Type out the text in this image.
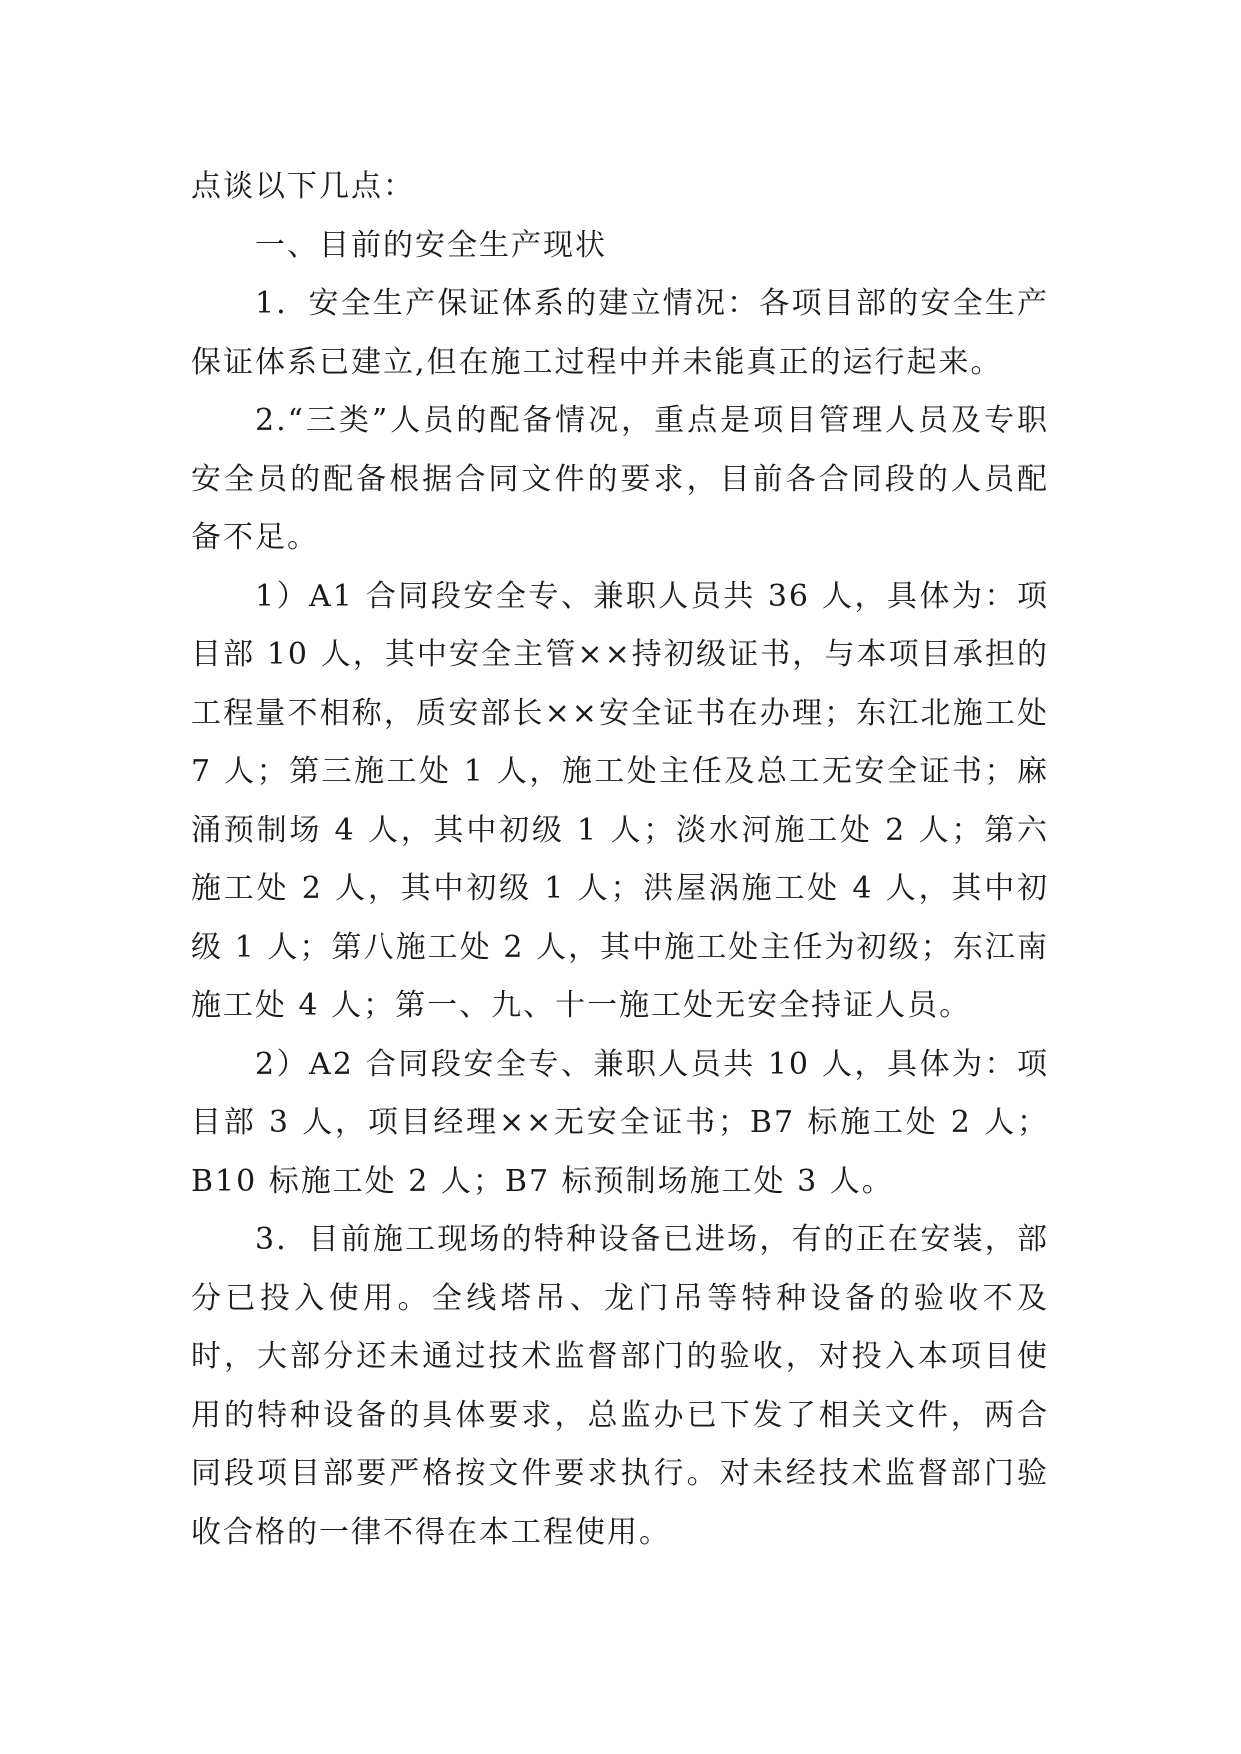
点谈以下几点：

一、目前的安全生产现状

1．安全生产保证体系的建立情况：各项目部的安全生产保证体系已建立,但在施工过程中并未能真正的运行起来。

2.“三类”人员的配备情况，重点是项目管理人员及专职安全员的配备根据合同文件的要求，目前各合同段的人员配备不足。

1）A1 合同段安全专、兼职人员共 36 人，具体为：项目部 10 人，其中安全主管××持初级证书，与本项目承担的工程量不相称，质安部长××安全证书在办理；东江北施工处 7 人；第三施工处 1 人，施工处主任及总工无安全证书；麻涌预制场 4 人，其中初级 1 人；淡水河施工处 2 人；第六施工处 2 人，其中初级 1 人；洪屋涡施工处 4 人，其中初级 1 人；第八施工处 2 人，其中施工处主任为初级；东江南施工处 4 人；第一、九、十一施工处无安全持证人员。

2）A2 合同段安全专、兼职人员共 10 人，具体为：项目部 3 人，项目经理××无安全证书；B7 标施工处 2 人；B10 标施工处 2 人；B7 标预制场施工处 3 人。

3．目前施工现场的特种设备已进场，有的正在安装，部分已投入使用。全线塔吊、龙门吊等特种设备的验收不及时，大部分还未通过技术监督部门的验收，对投入本项目使用的特种设备的具体要求，总监办已下发了相关文件，两合同段项目部要严格按文件要求执行。对未经技术监督部门验收合格的一律不得在本工程使用。
